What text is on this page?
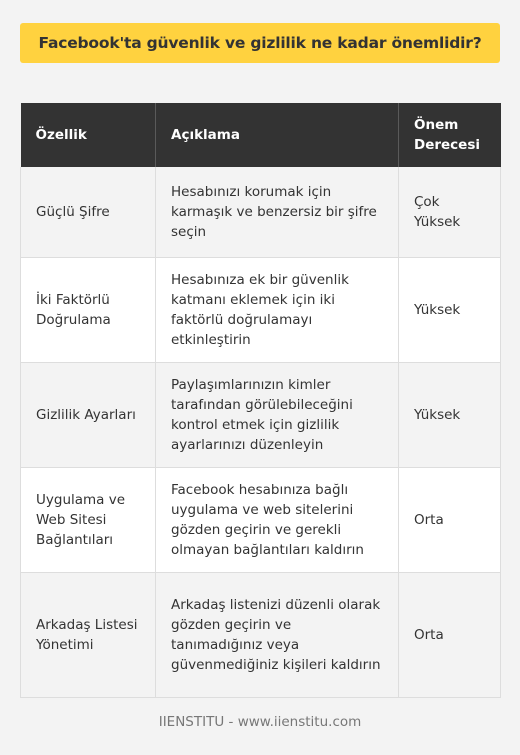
Facebook'ta güvenlik ve gizlilik ne kadar önemlidir?
Özellik	Açıklama	Önem Derecesi
Güçlü Şifre	Hesabınızı korumak için karmaşık ve benzersiz bir şifre seçin	Çok Yüksek
İki Faktörlü Doğrulama	Hesabınıza ek bir güvenlik katmanı eklemek için iki faktörlü doğrulamayı etkinleştirin	Yüksek
Gizlilik Ayarları	Paylaşımlarınızın kimler tarafından görülebileceğini kontrol etmek için gizlilik ayarlarınızı düzenleyin	Yüksek
Uygulama ve Web Sitesi Bağlantıları	Facebook hesabınıza bağlı uygulama ve web sitelerini gözden geçirin ve gerekli olmayan bağlantıları kaldırın	Orta
Arkadaş Listesi Yönetimi	Arkadaş listenizi düzenli olarak gözden geçirin ve tanımadığınız veya güvenmediğiniz kişileri kaldırın	Orta
IIENSTITU - www.iienstitu.com
